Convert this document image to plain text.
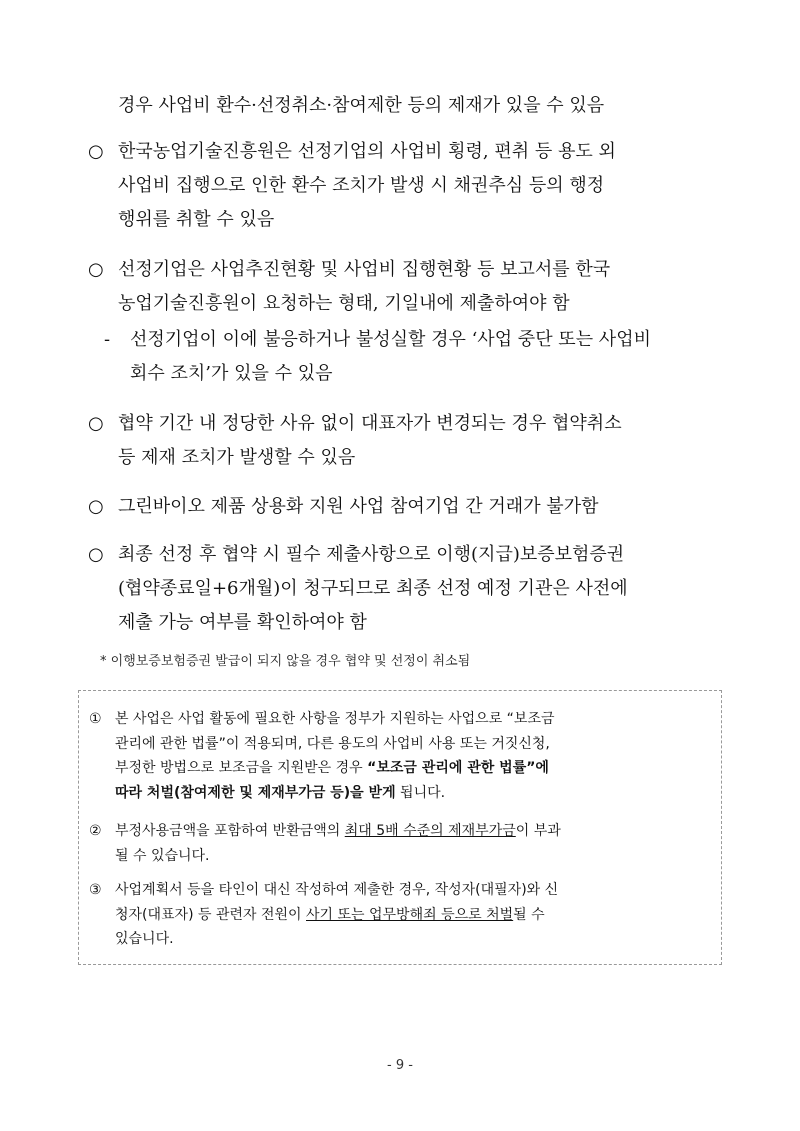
경우 사업비 환수·선정취소·참여제한 등의 제재가 있을 수 있음
○ 한국농업기술진흥원은 선정기업의 사업비 횡령, 편취 등 용도 외
사업비 집행으로 인한 환수 조치가 발생 시 채권추심 등의 행정
행위를 취할 수 있음
○ 선정기업은 사업추진현황 및 사업비 집행현황 등 보고서를 한국
농업기술진흥원이 요청하는 형태, 기일내에 제출하여야 함
- 선정기업이 이에 불응하거나 불성실할 경우 ‘사업 중단 또는 사업비
회수 조치’가 있을 수 있음
○ 협약 기간 내 정당한 사유 없이 대표자가 변경되는 경우 협약취소
등 제재 조치가 발생할 수 있음
○ 그린바이오 제품 상용화 지원 사업 참여기업 간 거래가 불가함
○ 최종 선정 후 협약 시 필수 제출사항으로 이행(지급)보증보험증권
(협약종료일+6개월)이 청구되므로 최종 선정 예정 기관은 사전에
제출 가능 여부를 확인하여야 함
* 이행보증보험증권 발급이 되지 않을 경우 협약 및 선정이 취소됨
① 본 사업은 사업 활동에 필요한 사항을 정부가 지원하는 사업으로 “보조금
관리에 관한 법률”이 적용되며, 다른 용도의 사업비 사용 또는 거짓신청,
부정한 방법으로 보조금을 지원받은 경우 “보조금 관리에 관한 법률”에
따라 처벌(참여제한 및 제재부가금 등)을 받게 됩니다.
② 부정사용금액을 포함하여 반환금액의 최대 5배 수준의 제재부가금이 부과
될 수 있습니다.
③ 사업계획서 등을 타인이 대신 작성하여 제출한 경우, 작성자(대필자)와 신
청자(대표자) 등 관련자 전원이 사기 또는 업무방해죄 등으로 처벌될 수
있습니다.
- 9 -
